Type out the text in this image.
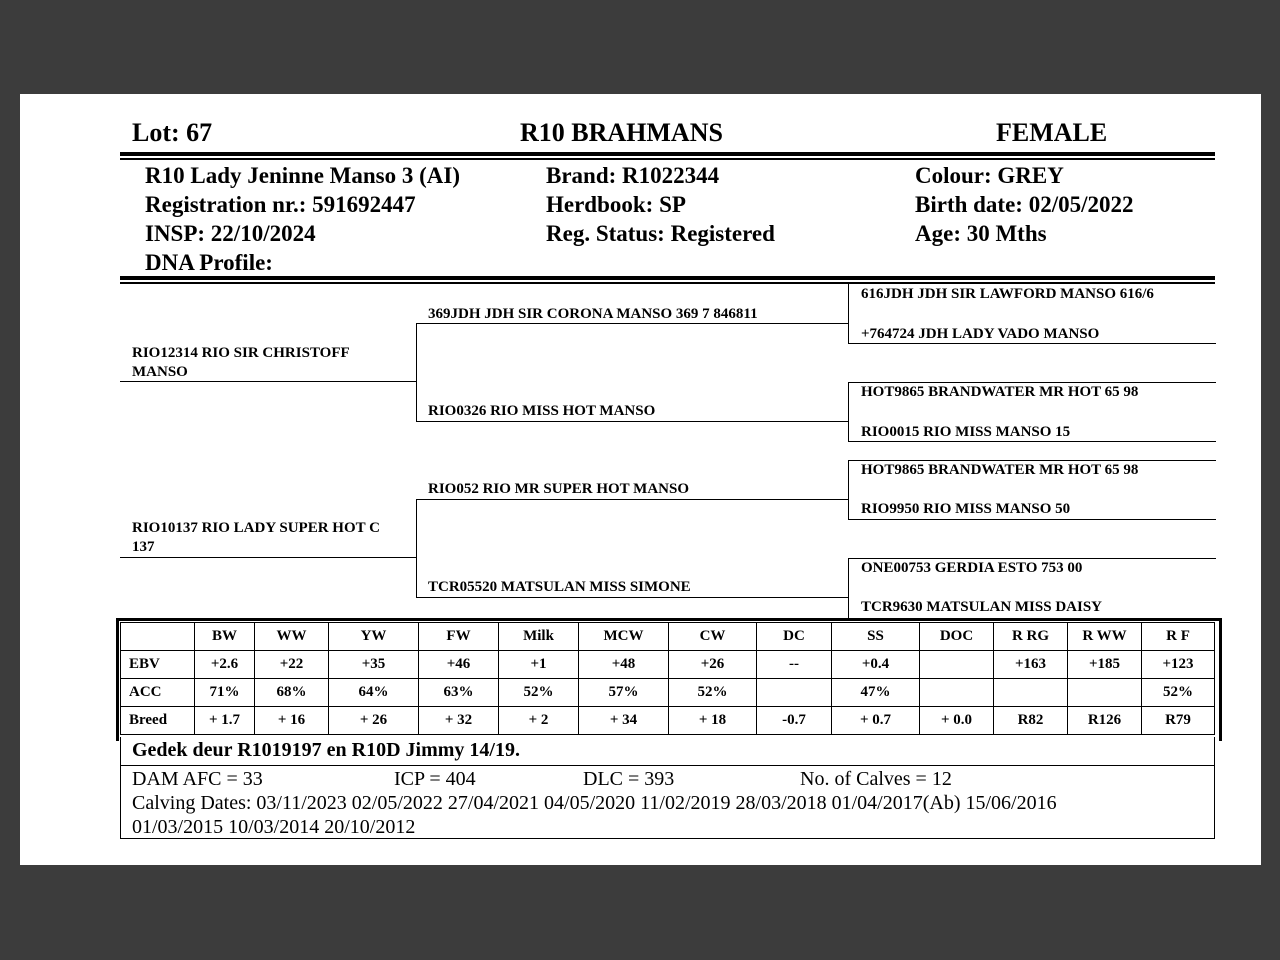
Lot: 67	R10 BRAHMANS	FEMALE
R10 Lady Jeninne Manso 3 (AI)
Registration nr.: 591692447
INSP: 22/10/2024
DNA Profile:
Brand: R1022344
Herdbook: SP
Reg. Status: Registered
Colour: GREY
Birth date: 02/05/2022
Age: 30 Mths
RIO12314 RIO SIR CHRISTOFF MANSO
RIO10137 RIO LADY SUPER HOT C 137
369JDH JDH SIR CORONA MANSO 369 7 846811
RIO0326 RIO MISS HOT MANSO
RIO052 RIO MR SUPER HOT MANSO
TCR05520 MATSULAN MISS SIMONE
616JDH JDH SIR LAWFORD MANSO 616/6
+764724 JDH LADY VADO MANSO
HOT9865 BRANDWATER MR HOT 65 98
RIO0015 RIO MISS MANSO 15
HOT9865 BRANDWATER MR HOT 65 98
RIO9950 RIO MISS MANSO 50
ONE00753 GERDIA ESTO 753 00
TCR9630 MATSULAN MISS DAISY
	BW	WW	YW	FW	Milk	MCW	CW	DC	SS	DOC	R RG	R WW	R F
EBV	+2.6	+22	+35	+46	+1	+48	+26	--	+0.4		+163	+185	+123
ACC	71%	68%	64%	63%	52%	57%	52%		47%				52%
Breed	+ 1.7	+ 16	+ 26	+ 32	+ 2	+ 34	+ 18	-0.7	+ 0.7	+ 0.0	R82	R126	R79
Gedek deur R1019197 en R10D Jimmy 14/19.
DAM AFC = 33	ICP = 404	DLC = 393	No. of Calves = 12
Calving Dates: 03/11/2023 02/05/2022 27/04/2021 04/05/2020 11/02/2019 28/03/2018 01/04/2017(Ab) 15/06/2016
01/03/2015 10/03/2014 20/10/2012
